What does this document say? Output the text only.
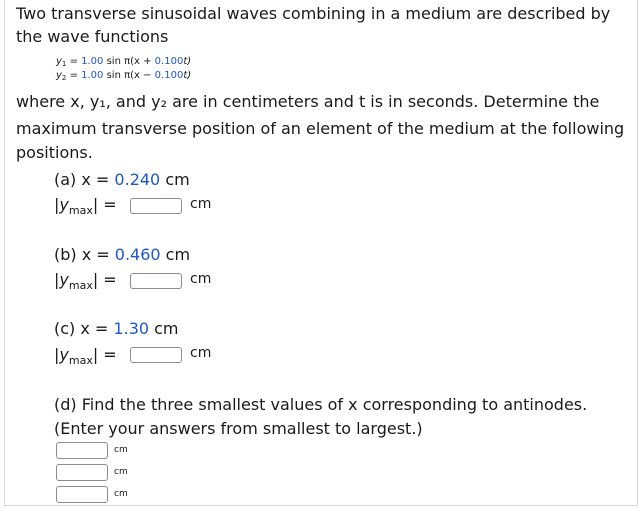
Two transverse sinusoidal waves combining in a medium are described by
the wave functions
$y_1 = 1.00$ sin π(x + 0.100t)
$y_2 = 1.00$ sin π(x − 0.100t)
where x, y₁, and y₂ are in centimeters and t is in seconds. Determine the
maximum transverse position of an element of the medium at the following
positions.
(a) x = 0.240 cm
$|y_{max}|$ =	cm
(b) x = 0.460 cm
$|y_{max}|$ =	cm
(c) x = 1.30 cm
$|y_{max}|$ =	cm
(d) Find the three smallest values of x corresponding to antinodes.
(Enter your answers from smallest to largest.)
cm
cm
cm
